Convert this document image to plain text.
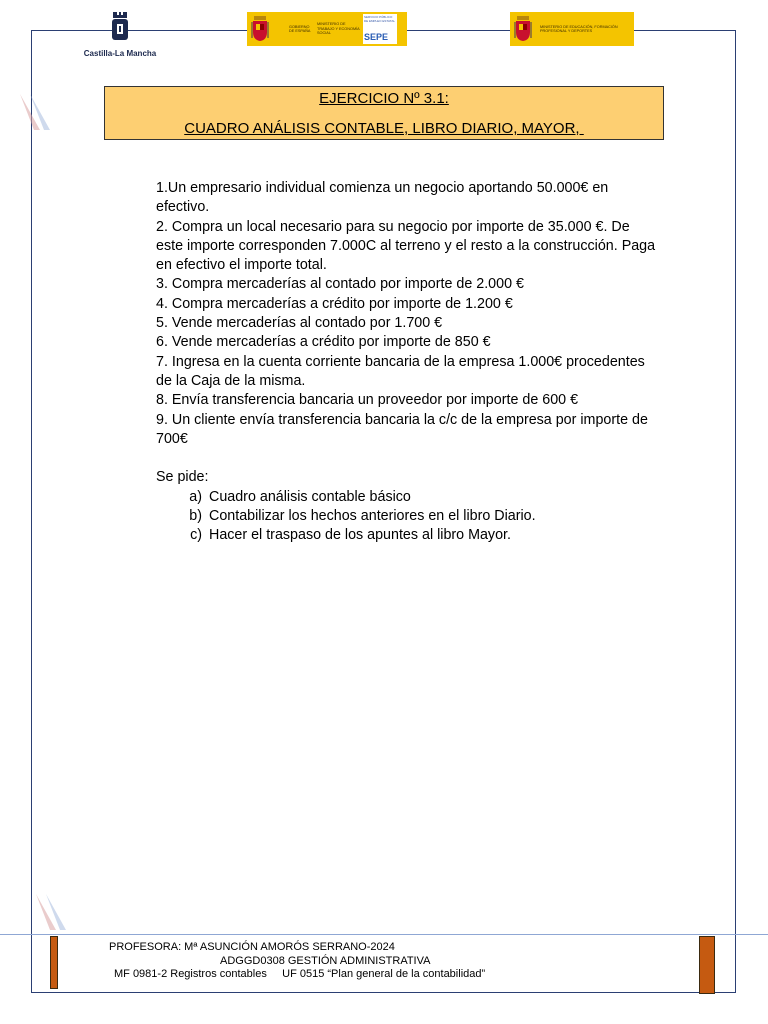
Castilla-La Mancha
GOBIERNO DE ESPAÑA
MINISTERIO DE TRABAJO Y ECONOMÍA SOCIAL
SERVICIO PÚBLICO DE EMPLEO ESTATAL
SEPE
MINISTERIO DE EDUCACIÓN, FORMACIÓN PROFESIONAL Y DEPORTES
EJERCICIO Nº 3.1:
CUADRO ANÁLISIS CONTABLE, LIBRO DIARIO, MAYOR,

1.Un empresario individual comienza un negocio aportando 50.000€ en efectivo.

2. Compra un local necesario para su negocio por importe de 35.000 €. De este importe corresponden 7.000C al terreno y el resto a la construcción. Paga en efectivo el importe total.

3. Compra mercaderías al contado por importe de 2.000 €

4. Compra mercaderías a crédito por importe de 1.200 €

5. Vende mercaderías al contado por 1.700 €

6. Vende mercaderías a crédito por importe de 850 €

7. Ingresa en la cuenta corriente bancaria de la empresa 1.000€ procedentes de la Caja de la misma.

8. Envía transferencia bancaria un proveedor por importe de 600 €

9. Un cliente envía transferencia bancaria la c/c de la empresa por importe de 700€

Se pide:

a) Cuadro análisis contable básico
b) Contabilizar los hechos anteriores en el libro Diario.
c) Hacer el traspaso de los apuntes al libro Mayor.
PROFESORA: Mª ASUNCIÓN AMORÓS SERRANO-2024
ADGGD0308 GESTIÓN ADMINISTRATIVA
MF 0981-2 Registros contables     UF 0515 “Plan general de la contabilidad”
